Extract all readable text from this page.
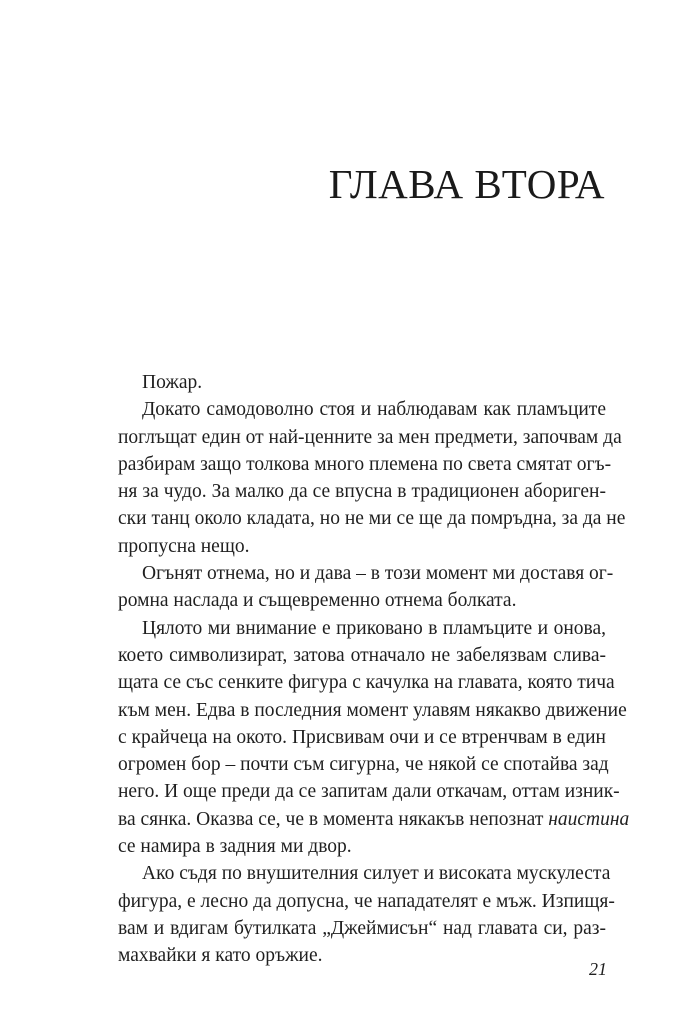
ГЛАВА ВТОРА

Пожар.

Докато самодоволно стоя и наблюдавам как пламъците
поглъщат един от най-ценните за мен предмети, започвам да
разбирам защо толкова много племена по света смятат огъ-
ня за чудо. За малко да се впусна в традиционен абориген-
ски танц около кладата, но не ми се ще да помръдна, за да не
пропусна нещо.

Огънят отнема, но и дава – в този момент ми доставя ог-
ромна наслада и същевременно отнема болката.

Цялото ми внимание е приковано в пламъците и онова,
което символизират, затова отначало не забелязвам слива-
щата се със сенките фигура с качулка на главата, която тича
към мен. Едва в последния момент улавям някакво движение
с крайчеца на окото. Присвивам очи и се втренчвам в един
огромен бор – почти съм сигурна, че някой се спотайва зад
него. И още преди да се запитам дали откачам, оттам изник-
ва сянка. Оказва се, че в момента някакъв непознат наистина
се намира в задния ми двор.

Ако съдя по внушителния силует и високата мускулеста
фигура, е лесно да допусна, че нападателят е мъж. Изпищя-
вам и вдигам бутилката „Джеймисън“ над главата си, раз-
махвайки я като оръжие.

21
